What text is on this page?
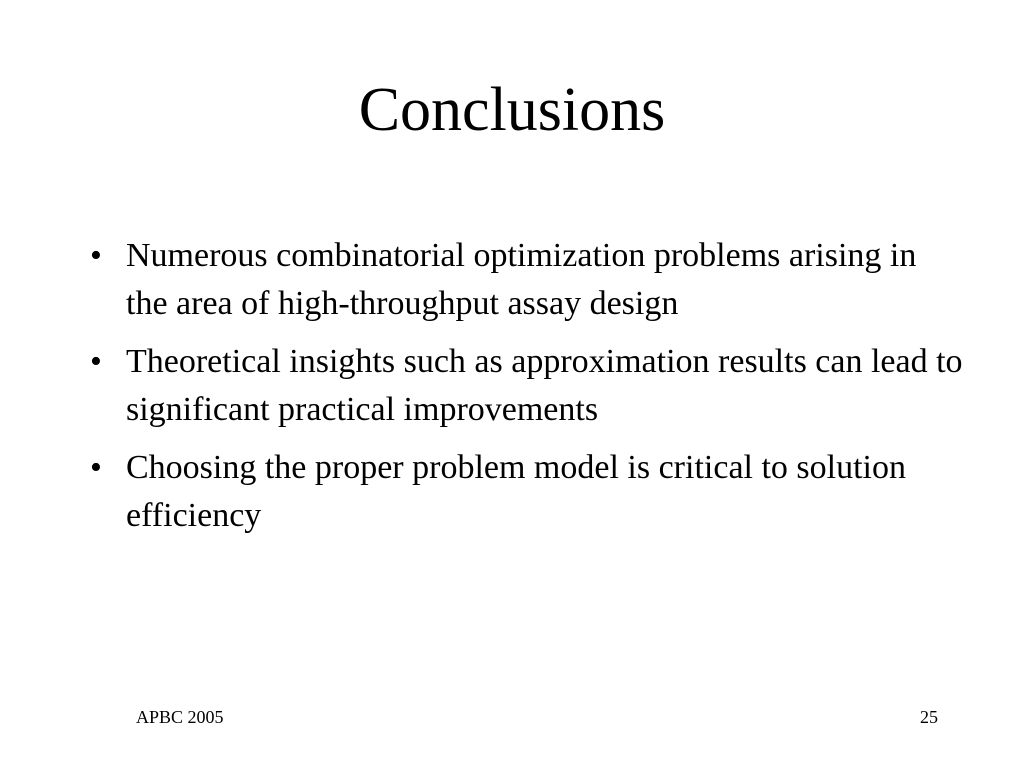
Conclusions
• Numerous combinatorial optimization problems arising in the area of high-throughput assay design
• Theoretical insights such as approximation results can lead to significant practical improvements
• Choosing the proper problem model is critical to solution efficiency
APBC 2005	25
